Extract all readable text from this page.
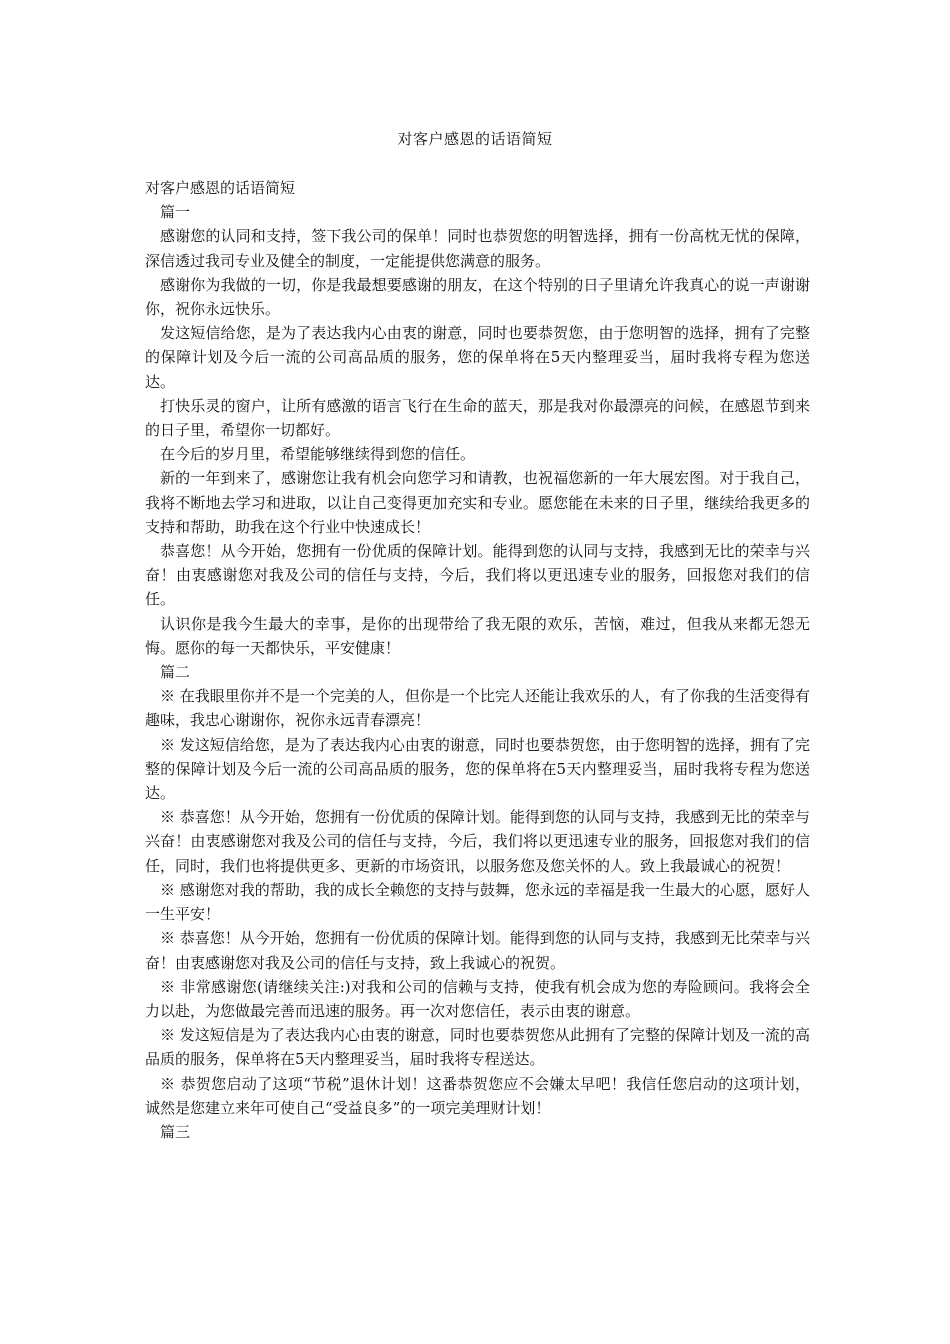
对客户感恩的话语简短

对客户感恩的话语简短

篇一

感谢您的认同和支持，签下我公司的保单！同时也恭贺您的明智选择，拥有一份高枕无忧的保障，深信透过我司专业及健全的制度，一定能提供您满意的服务。

感谢你为我做的一切，你是我最想要感谢的朋友，在这个特别的日子里请允许我真心的说一声谢谢你，祝你永远快乐。

发这短信给您，是为了表达我内心由衷的谢意，同时也要恭贺您，由于您明智的选择，拥有了完整的保障计划及今后一流的公司高品质的服务，您的保单将在5天内整理妥当，届时我将专程为您送达。

打快乐灵的窗户，让所有感激的语言飞行在生命的蓝天，那是我对你最漂亮的问候，在感恩节到来的日子里，希望你一切都好。

在今后的岁月里，希望能够继续得到您的信任。

新的一年到来了，感谢您让我有机会向您学习和请教，也祝福您新的一年大展宏图。对于我自己，我将不断地去学习和进取，以让自己变得更加充实和专业。愿您能在未来的日子里，继续给我更多的支持和帮助，助我在这个行业中快速成长！

恭喜您！从今开始，您拥有一份优质的保障计划。能得到您的认同与支持，我感到无比的荣幸与兴奋！由衷感谢您对我及公司的信任与支持，今后，我们将以更迅速专业的服务，回报您对我们的信任。

认识你是我今生最大的幸事，是你的出现带给了我无限的欢乐，苦恼，难过，但我从来都无怨无悔。愿你的每一天都快乐，平安健康！

篇二

※ 在我眼里你并不是一个完美的人，但你是一个比完人还能让我欢乐的人，有了你我的生活变得有趣味，我忠心谢谢你，祝你永远青春漂亮！

※ 发这短信给您，是为了表达我内心由衷的谢意，同时也要恭贺您，由于您明智的选择，拥有了完整的保障计划及今后一流的公司高品质的服务，您的保单将在5天内整理妥当，届时我将专程为您送达。

※ 恭喜您！从今开始，您拥有一份优质的保障计划。能得到您的认同与支持，我感到无比的荣幸与兴奋！由衷感谢您对我及公司的信任与支持，今后，我们将以更迅速专业的服务，回报您对我们的信任，同时，我们也将提供更多、更新的市场资讯，以服务您及您关怀的人。致上我最诚心的祝贺！

※ 感谢您对我的帮助，我的成长全赖您的支持与鼓舞，您永远的幸福是我一生最大的心愿，愿好人一生平安！

※ 恭喜您！从今开始，您拥有一份优质的保障计划。能得到您的认同与支持，我感到无比荣幸与兴奋！由衷感谢您对我及公司的信任与支持，致上我诚心的祝贺。

※ 非常感谢您(请继续关注:)对我和公司的信赖与支持，使我有机会成为您的寿险顾问。我将会全力以赴，为您做最完善而迅速的服务。再一次对您信任，表示由衷的谢意。

※ 发这短信是为了表达我内心由衷的谢意，同时也要恭贺您从此拥有了完整的保障计划及一流的高品质的服务，保单将在5天内整理妥当，届时我将专程送达。

※ 恭贺您启动了这项“节税”退休计划！这番恭贺您应不会嫌太早吧！我信任您启动的这项计划，诚然是您建立来年可使自己“受益良多”的一项完美理财计划！

篇三
